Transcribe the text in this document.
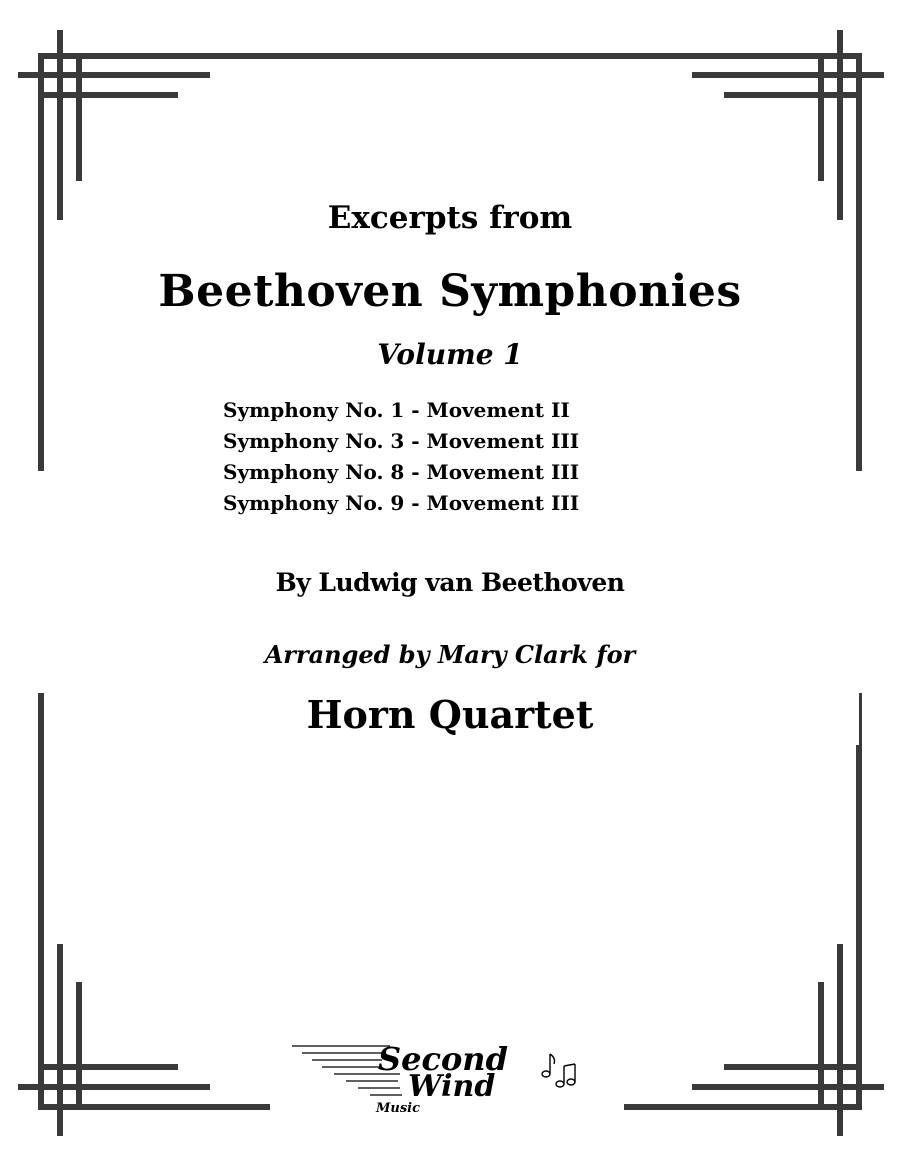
Excerpts from
Beethoven Symphonies
Volume 1
Symphony No. 1 - Movement II
Symphony No. 3 - Movement III
Symphony No. 8 - Movement III
Symphony No. 9 - Movement III
By Ludwig van Beethoven
Arranged by Mary Clark for
Horn Quartet
Second
Wind
Music
